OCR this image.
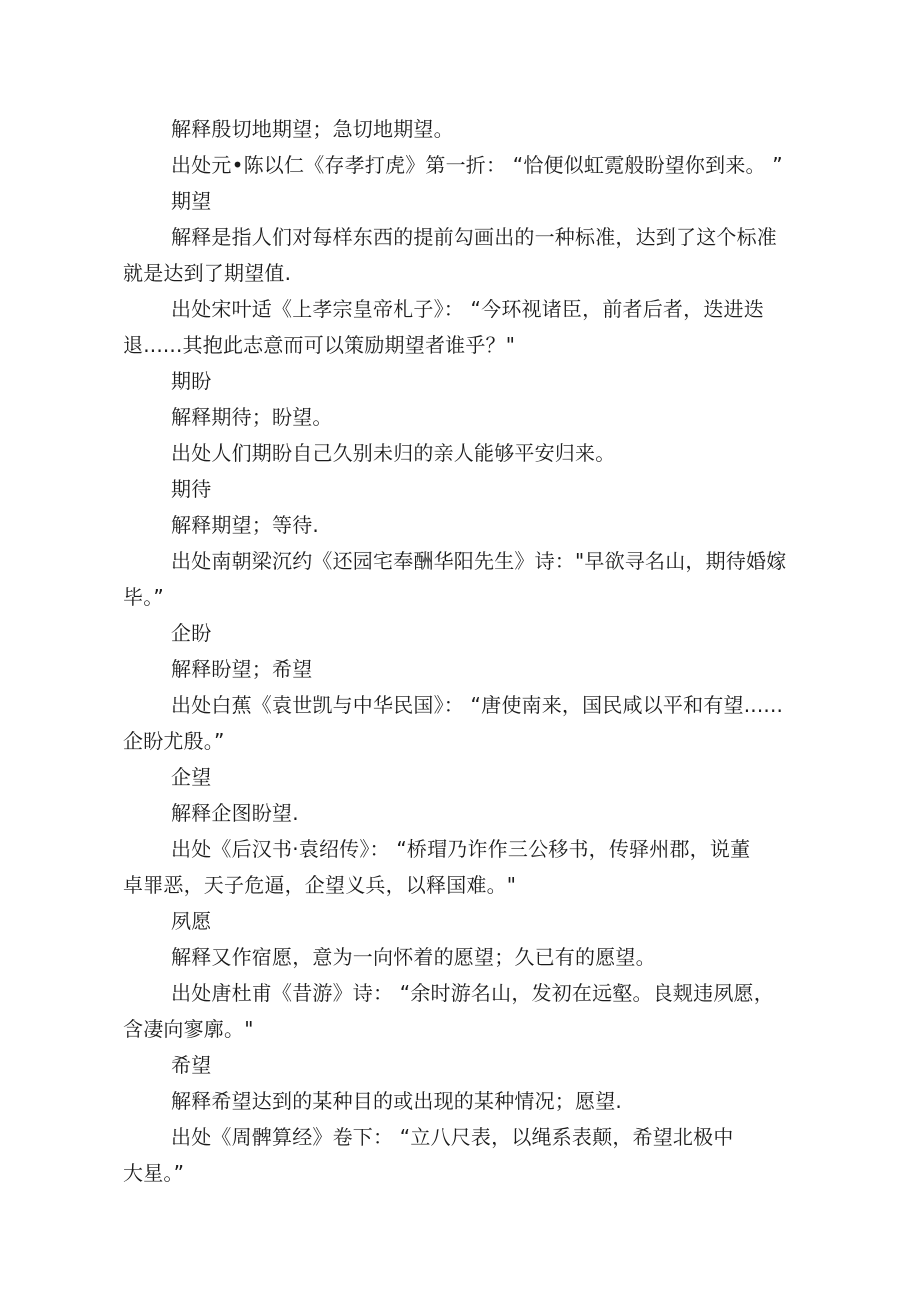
解释殷切地期望；急切地期望。
出处元•陈以仁《存孝打虎》第一折： “恰便似虹霓般盼望你到来。 ”
期望
解释是指人们对每样东西的提前勾画出的一种标准，达到了这个标准
就是达到了期望值.
出处宋叶适《上孝宗皇帝札子》： “今环视诸臣，前者后者，迭进迭
退......其抱此志意而可以策励期望者谁乎？"
期盼
解释期待；盼望。
出处人们期盼自己久别未归的亲人能够平安归来。
期待
解释期望；等待.
出处南朝梁沉约《还园宅奉酬华阳先生》诗："早欲寻名山，期待婚嫁
毕。”
企盼
解释盼望；希望
出处白蕉《袁世凯与中华民国》： “唐使南来，国民咸以平和有望......
企盼尤殷。”
企望
解释企图盼望.
出处《后汉书·袁绍传》： “桥瑁乃诈作三公移书，传驿州郡，说董
卓罪恶，天子危逼，企望义兵，以释国难。"
夙愿
解释又作宿愿，意为一向怀着的愿望；久已有的愿望。
出处唐杜甫《昔游》诗： “余时游名山，发初在远壑。良觌违夙愿，
含凄向寥廓。"
希望
解释希望达到的某种目的或出现的某种情况；愿望.
出处《周髀算经》卷下： “立八尺表，以绳系表颠，希望北极中
大星。”
